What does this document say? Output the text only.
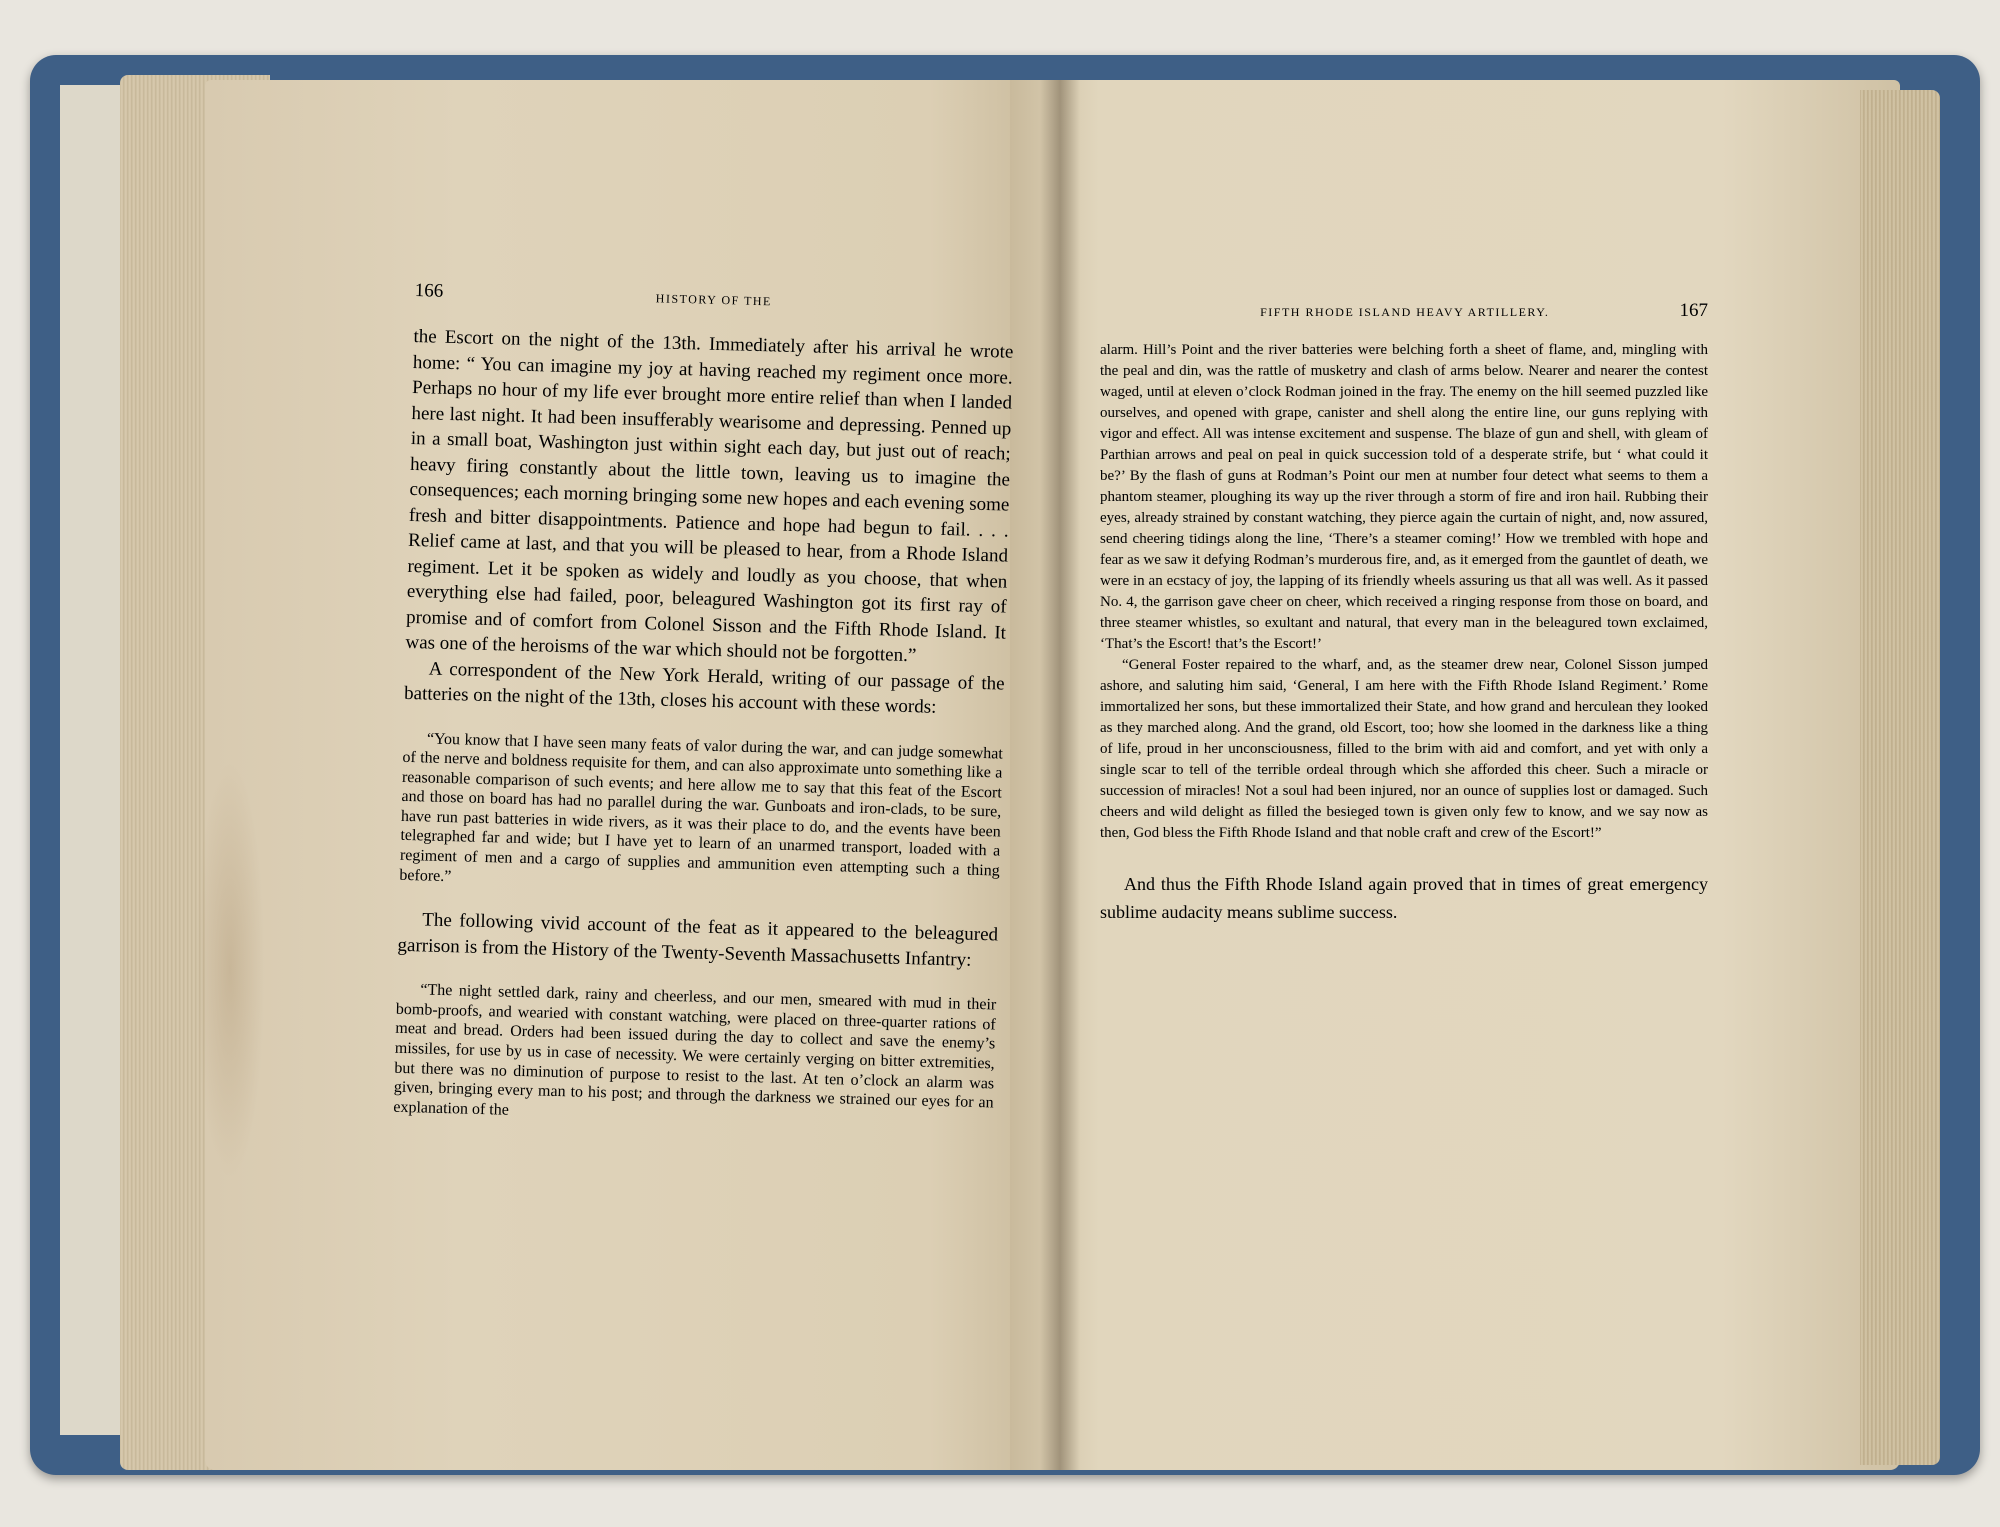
166	HISTORY OF THE

the Escort on the night of the 13th. Immediately after his arrival he wrote home: “ You can imagine my joy at having reached my regiment once more. Perhaps no hour of my life ever brought more entire relief than when I landed here last night. It had been insufferably wearisome and depressing. Penned up in a small boat, Washington just within sight each day, but just out of reach; heavy firing constantly about the little town, leaving us to imagine the consequences; each morning bringing some new hopes and each evening some fresh and bitter disappointments. Patience and hope had begun to fail. . . . Relief came at last, and that you will be pleased to hear, from a Rhode Island regiment. Let it be spoken as widely and loudly as you choose, that when everything else had failed, poor, beleagured Washington got its first ray of promise and of comfort from Colonel Sisson and the Fifth Rhode Island. It was one of the heroisms of the war which should not be forgotten.”

A correspondent of the New York Herald, writing of our passage of the batteries on the night of the 13th, closes his account with these words:

“You know that I have seen many feats of valor during the war, and can judge somewhat of the nerve and boldness requisite for them, and can also approximate unto something like a reasonable comparison of such events; and here allow me to say that this feat of the Escort and those on board has had no parallel during the war. Gunboats and iron-clads, to be sure, have run past batteries in wide rivers, as it was their place to do, and the events have been telegraphed far and wide; but I have yet to learn of an unarmed transport, loaded with a regiment of men and a cargo of supplies and ammunition even attempting such a thing before.”

The following vivid account of the feat as it appeared to the beleagured garrison is from the History of the Twenty-Seventh Massachusetts Infantry:

“The night settled dark, rainy and cheerless, and our men, smeared with mud in their bomb-proofs, and wearied with constant watching, were placed on three-quarter rations of meat and bread. Orders had been issued during the day to collect and save the enemy’s missiles, for use by us in case of necessity. We were certainly verging on bitter extremities, but there was no diminution of purpose to resist to the last. At ten o’clock an alarm was given, bringing every man to his post; and through the darkness we strained our eyes for an explanation of the

FIFTH RHODE ISLAND HEAVY ARTILLERY.	167

alarm. Hill’s Point and the river batteries were belching forth a sheet of flame, and, mingling with the peal and din, was the rattle of musketry and clash of arms below. Nearer and nearer the contest waged, until at eleven o’clock Rodman joined in the fray. The enemy on the hill seemed puzzled like ourselves, and opened with grape, canister and shell along the entire line, our guns replying with vigor and effect. All was intense excitement and suspense. The blaze of gun and shell, with gleam of Parthian arrows and peal on peal in quick succession told of a desperate strife, but ‘ what could it be?’ By the flash of guns at Rodman’s Point our men at number four detect what seems to them a phantom steamer, ploughing its way up the river through a storm of fire and iron hail. Rubbing their eyes, already strained by constant watching, they pierce again the curtain of night, and, now assured, send cheering tidings along the line, ‘There’s a steamer coming!’ How we trembled with hope and fear as we saw it defying Rodman’s murderous fire, and, as it emerged from the gauntlet of death, we were in an ecstacy of joy, the lapping of its friendly wheels assuring us that all was well. As it passed No. 4, the garrison gave cheer on cheer, which received a ringing response from those on board, and three steamer whistles, so exultant and natural, that every man in the beleagured town exclaimed, ‘That’s the Escort! that’s the Escort!’

“General Foster repaired to the wharf, and, as the steamer drew near, Colonel Sisson jumped ashore, and saluting him said, ‘General, I am here with the Fifth Rhode Island Regiment.’ Rome immortalized her sons, but these immortalized their State, and how grand and herculean they looked as they marched along. And the grand, old Escort, too; how she loomed in the darkness like a thing of life, proud in her unconsciousness, filled to the brim with aid and comfort, and yet with only a single scar to tell of the terrible ordeal through which she afforded this cheer. Such a miracle or succession of miracles! Not a soul had been injured, nor an ounce of supplies lost or damaged. Such cheers and wild delight as filled the besieged town is given only few to know, and we say now as then, God bless the Fifth Rhode Island and that noble craft and crew of the Escort!”

And thus the Fifth Rhode Island again proved that in times of great emergency sublime audacity means sublime success.
